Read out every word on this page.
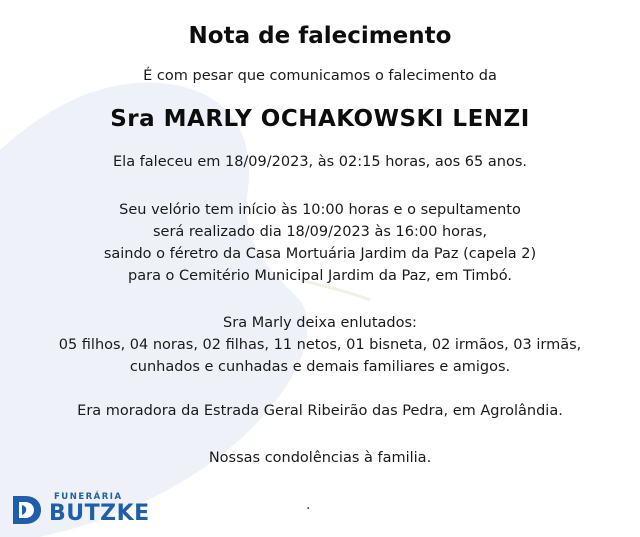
Nota de falecimento
É com pesar que comunicamos o falecimento da
Sra MARLY OCHAKOWSKI LENZI
Ela faleceu em 18/09/2023, às 02:15 horas, aos 65 anos.
Seu velório tem início às 10:00 horas e o sepultamento
será realizado dia 18/09/2023 às 16:00 horas,
saindo o féretro da Casa Mortuária Jardim da Paz (capela 2)
para o Cemitério Municipal Jardim da Paz, em Timbó.
Sra Marly deixa enlutados:
05 filhos, 04 noras, 02 filhas, 11 netos, 01 bisneta, 02 irmãos, 03 irmãs,
cunhados e cunhadas e demais familiares e amigos.
Era moradora da Estrada Geral Ribeirão das Pedra, em Agrolândia.
Nossas condolências à familia.
.
FUNERÁRIA
BUTZKE
